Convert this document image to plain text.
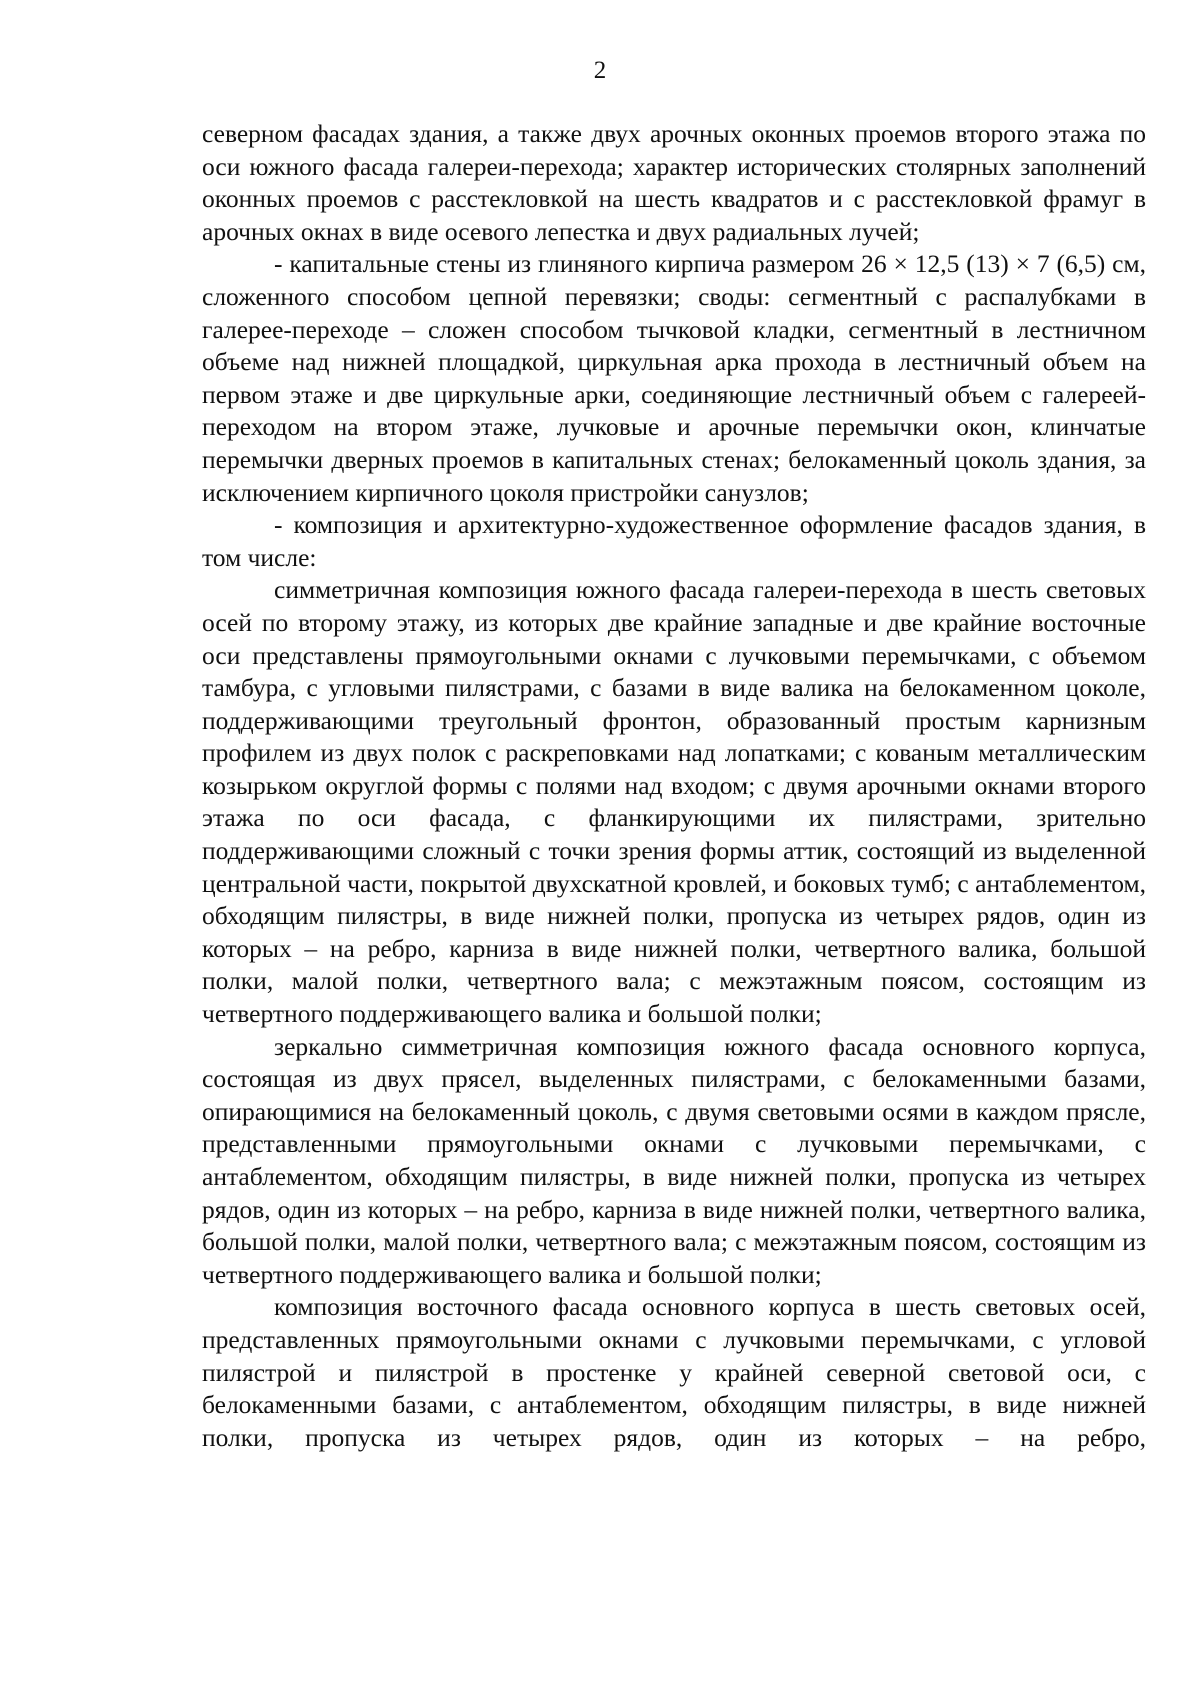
2

северном фасадах здания, а также двух арочных оконных проемов второго этажа по оси южного фасада галереи-перехода; характер исторических столярных заполнений оконных проемов с расстекловкой на шесть квадратов и с расстекловкой фрамуг в арочных окнах в виде осевого лепестка и двух радиальных лучей;

- капитальные стены из глиняного кирпича размером 26 × 12,5 (13) × 7 (6,5) см, сложенного способом цепной перевязки; своды: сегментный с распалубками в галерее-переходе – сложен способом тычковой кладки, сегментный в лестничном объеме над нижней площадкой, циркульная арка прохода в лестничный объем на первом этаже и две циркульные арки, соединяющие лестничный объем с галереей-переходом на втором этаже, лучковые и арочные перемычки окон, клинчатые перемычки дверных проемов в капитальных стенах; белокаменный цоколь здания, за исключением кирпичного цоколя пристройки санузлов;

- композиция и архитектурно-художественное оформление фасадов здания, в том числе:

симметричная композиция южного фасада галереи-перехода в шесть световых осей по второму этажу, из которых две крайние западные и две крайние восточные оси представлены прямоугольными окнами с лучковыми перемычками, с объемом тамбура, с угловыми пилястрами, с базами в виде валика на белокаменном цоколе, поддерживающими треугольный фронтон, образованный простым карнизным профилем из двух полок с раскреповками над лопатками; с кованым металлическим козырьком округлой формы с полями над входом; с двумя арочными окнами второго этажа по оси фасада, с фланкирующими их пилястрами, зрительно поддерживающими сложный с точки зрения формы аттик, состоящий из выделенной центральной части, покрытой двухскатной кровлей, и боковых тумб; с антаблементом, обходящим пилястры, в виде нижней полки, пропуска из четырех рядов, один из которых – на ребро, карниза в виде нижней полки, четвертного валика, большой полки, малой полки, четвертного вала; с межэтажным поясом, состоящим из четвертного поддерживающего валика и большой полки;

зеркально симметричная композиция южного фасада основного корпуса, состоящая из двух прясел, выделенных пилястрами, с белокаменными базами, опирающимися на белокаменный цоколь, с двумя световыми осями в каждом прясле, представленными прямоугольными окнами с лучковыми перемычками, с антаблементом, обходящим пилястры, в виде нижней полки, пропуска из четырех рядов, один из которых – на ребро, карниза в виде нижней полки, четвертного валика, большой полки, малой полки, четвертного вала; с межэтажным поясом, состоящим из четвертного поддерживающего валика и большой полки;

композиция восточного фасада основного корпуса в шесть световых осей, представленных прямоугольными окнами с лучковыми перемычками, с угловой пилястрой и пилястрой в простенке у крайней северной световой оси, с белокаменными базами, с антаблементом, обходящим пилястры, в виде нижней полки, пропуска из четырех рядов, один из которых – на ребро,
